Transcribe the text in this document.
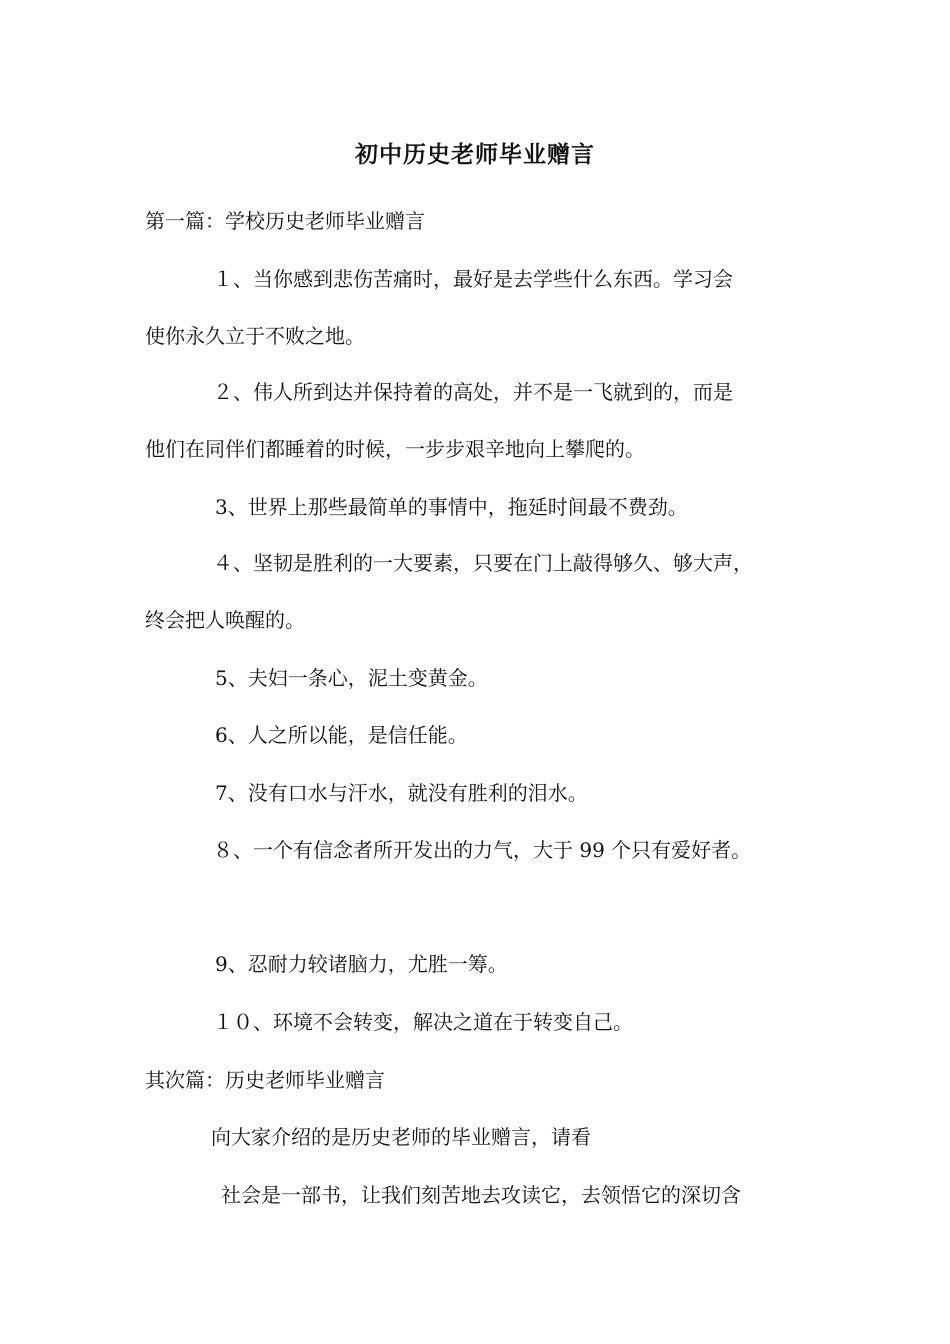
初中历史老师毕业赠言
第一篇：学校历史老师毕业赠言
１、当你感到悲伤苦痛时，最好是去学些什么东西。学习会
使你永久立于不败之地。
２、伟人所到达并保持着的高处，并不是一飞就到的，而是
他们在同伴们都睡着的时候，一步步艰辛地向上攀爬的。
3、世界上那些最简单的事情中，拖延时间最不费劲。
４、坚韧是胜利的一大要素，只要在门上敲得够久、够大声，
终会把人唤醒的。
5、夫妇一条心，泥土变黄金。
6、人之所以能，是信任能。
7、没有口水与汗水，就没有胜利的泪水。
８、一个有信念者所开发出的力气，大于 99 个只有爱好者。
9、忍耐力较诸脑力，尤胜一筹。
１０、环境不会转变，解决之道在于转变自己。
其次篇：历史老师毕业赠言
向大家介绍的是历史老师的毕业赠言，请看
社会是一部书，让我们刻苦地去攻读它，去领悟它的深切含
